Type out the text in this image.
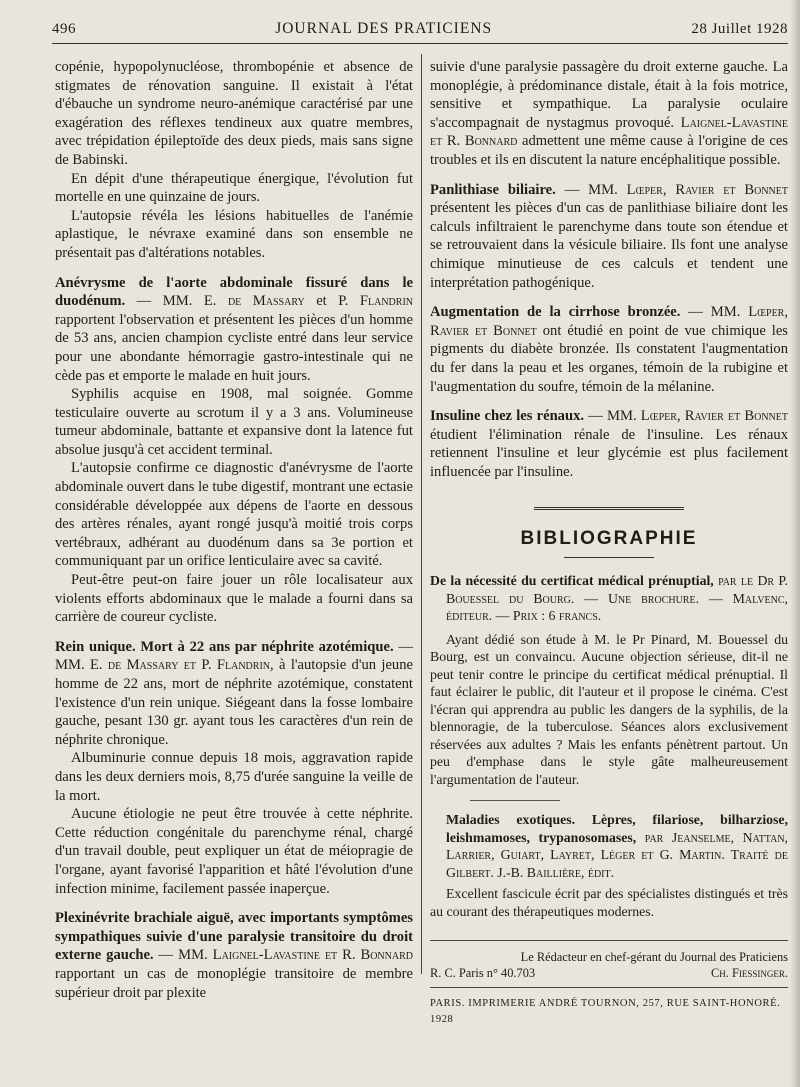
496	JOURNAL DES PRATICIENS	28 Juillet 1928

copénie, hypopolynucléose, thrombopénie et absence de stigmates de rénovation sanguine. Il existait à l'état d'ébauche un syndrome neuro-anémique caractérisé par une exagération des réflexes tendineux aux quatre membres, avec trépidation épileptoïde des deux pieds, mais sans signe de Babinski.

En dépit d'une thérapeutique énergique, l'évolution fut mortelle en une quinzaine de jours.

L'autopsie révéla les lésions habituelles de l'anémie aplastique, le névraxe examiné dans son ensemble ne présentait pas d'altérations notables.

Anévrysme de l'aorte abdominale fissuré dans le duodénum. — MM. E. de Massary et P. Flandrin rapportent l'observation et présentent les pièces d'un homme de 53 ans, ancien champion cycliste entré dans leur service pour une abondante hémorragie gastro-intestinale qui ne cède pas et emporte le malade en huit jours.

Syphilis acquise en 1908, mal soignée. Gomme testiculaire ouverte au scrotum il y a 3 ans. Volumineuse tumeur abdominale, battante et expansive dont la latence fut absolue jusqu'à cet accident terminal.

L'autopsie confirme ce diagnostic d'anévrysme de l'aorte abdominale ouvert dans le tube digestif, montrant une ectasie considérable développée aux dépens de l'aorte en dessous des artères rénales, ayant rongé jusqu'à moitié trois corps vertébraux, adhérant au duodénum dans sa 3e portion et communiquant par un orifice lenticulaire avec sa cavité.

Peut-être peut-on faire jouer un rôle localisateur aux violents efforts abdominaux que le malade a fourni dans sa carrière de coureur cycliste.

Rein unique. Mort à 22 ans par néphrite azotémique. — MM. E. de Massary et P. Flandrin, à l'autopsie d'un jeune homme de 22 ans, mort de néphrite azotémique, constatent l'existence d'un rein unique. Siégeant dans la fosse lombaire gauche, pesant 130 gr. ayant tous les caractères d'un rein de néphrite chronique.

Albuminurie connue depuis 18 mois, aggravation rapide dans les deux derniers mois, 8,75 d'urée sanguine la veille de la mort.

Aucune étiologie ne peut être trouvée à cette néphrite. Cette réduction congénitale du parenchyme rénal, chargé d'un travail double, peut expliquer un état de méiopragie de l'organe, ayant favorisé l'apparition et hâté l'évolution d'une infection minime, facilement passée inaperçue.

Plexinévrite brachiale aiguë, avec importants symptômes sympathiques suivie d'une paralysie transitoire du droit externe gauche. — MM. Laignel-Lavastine et R. Bonnard rapportant un cas de monoplégie transitoire de membre supérieur droit par plexite

suivie d'une paralysie passagère du droit externe gauche. La monoplégie, à prédominance distale, était à la fois motrice, sensitive et sympathique. La paralysie oculaire s'accompagnait de nystagmus provoqué. Laignel-Lavastine et R. Bonnard admettent une même cause à l'origine de ces troubles et ils en discutent la nature encéphalitique possible.

Panlithiase biliaire. — MM. Lœper, Ravier et Bonnet présentent les pièces d'un cas de panlithiase biliaire dont les calculs infiltraient le parenchyme dans toute son étendue et se retrouvaient dans la vésicule biliaire. Ils font une analyse chimique minutieuse de ces calculs et tendent une interprétation pathogénique.

Augmentation de la cirrhose bronzée. — MM. Lœper, Ravier et Bonnet ont étudié en point de vue chimique les pigments du diabète bronzée. Ils constatent l'augmentation du fer dans la peau et les organes, témoin de la rubigine et l'augmentation du soufre, témoin de la mélanine.

Insuline chez les rénaux. — MM. Lœper, Ravier et Bonnet étudient l'élimination rénale de l'insuline. Les rénaux retiennent l'insuline et leur glycémie est plus facilement influencée par l'insuline.

BIBLIOGRAPHIE

De la nécessité du certificat médical prénuptial, par le Dr P. Bouessel du Bourg. — Une brochure. — Malvenc, éditeur. — Prix : 6 francs.

Ayant dédié son étude à M. le Pr Pinard, M. Bouessel du Bourg, est un convaincu. Aucune objection sérieuse, dit-il ne peut tenir contre le principe du certificat médical prénuptial. Il faut éclairer le public, dit l'auteur et il propose le cinéma. C'est l'écran qui apprendra au public les dangers de la syphilis, de la blennoragie, de la tuberculose. Séances alors exclusivement réservées aux adultes ? Mais les enfants pénètrent partout. Un peu d'emphase dans le style gâte malheureusement l'argumentation de l'auteur.

Maladies exotiques. Lèpres, filariose, bilharziose, leishmamoses, trypanosomases, par Jeanselme, Nattan, Larrier, Guiart, Layret, Léger et G. Martin. Traité de Gilbert. J.-B. Baillière, édit.

Excellent fascicule écrit par des spécialistes distingués et très au courant des thérapeutiques modernes.

Le Rédacteur en chef-gérant du Journal des Praticiens
R. C. Paris n° 40.703	Ch. Fiessinger.
PARIS. IMPRIMERIE ANDRÉ TOURNON, 257, RUE SAINT-HONORÉ. 1928
